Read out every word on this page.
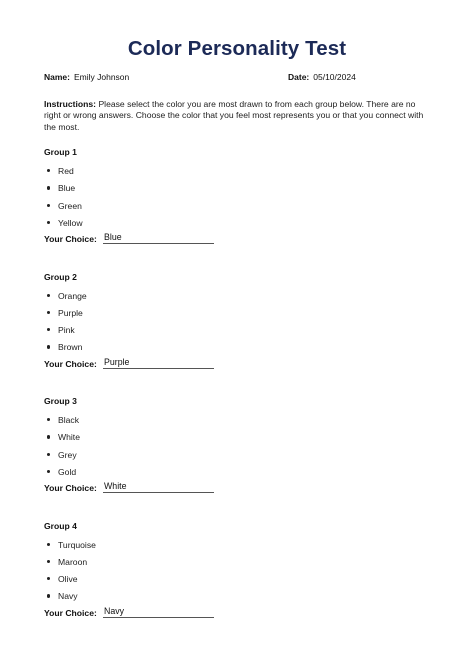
Color Personality Test
Name: Emily Johnson	Date: 05/10/2024

Instructions: Please select the color you are most drawn to from each group below. There are no right or wrong answers. Choose the color that you feel most represents you or that you connect with the most.

Group 1
Red
Blue
Green
Yellow
Your Choice: Blue
Group 2
Orange
Purple
Pink
Brown
Your Choice: Purple
Group 3
Black
White
Grey
Gold
Your Choice: White
Group 4
Turquoise
Maroon
Olive
Navy
Your Choice: Navy
